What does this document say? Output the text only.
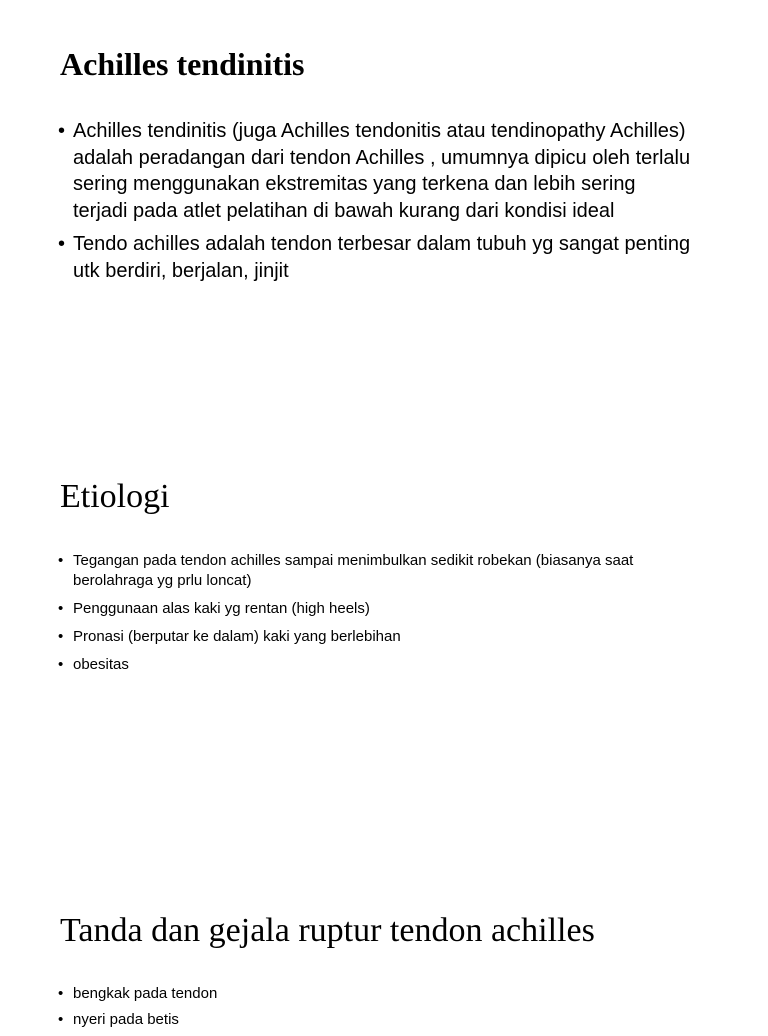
Achilles tendinitis
• Achilles tendinitis (juga Achilles tendonitis atau tendinopathy Achilles) adalah peradangan dari tendon Achilles , umumnya dipicu oleh terlalu sering menggunakan ekstremitas yang terkena dan lebih sering terjadi pada atlet pelatihan di bawah kurang dari kondisi ideal
• Tendo achilles adalah tendon terbesar dalam tubuh yg sangat penting utk berdiri, berjalan, jinjit
Etiologi
• Tegangan pada tendon achilles sampai menimbulkan sedikit robekan (biasanya saat berolahraga yg prlu loncat)
• Penggunaan alas kaki yg rentan (high heels)
• Pronasi (berputar ke dalam) kaki yang berlebihan
• obesitas
Tanda dan gejala ruptur tendon achilles
• bengkak pada tendon
• nyeri pada betis
